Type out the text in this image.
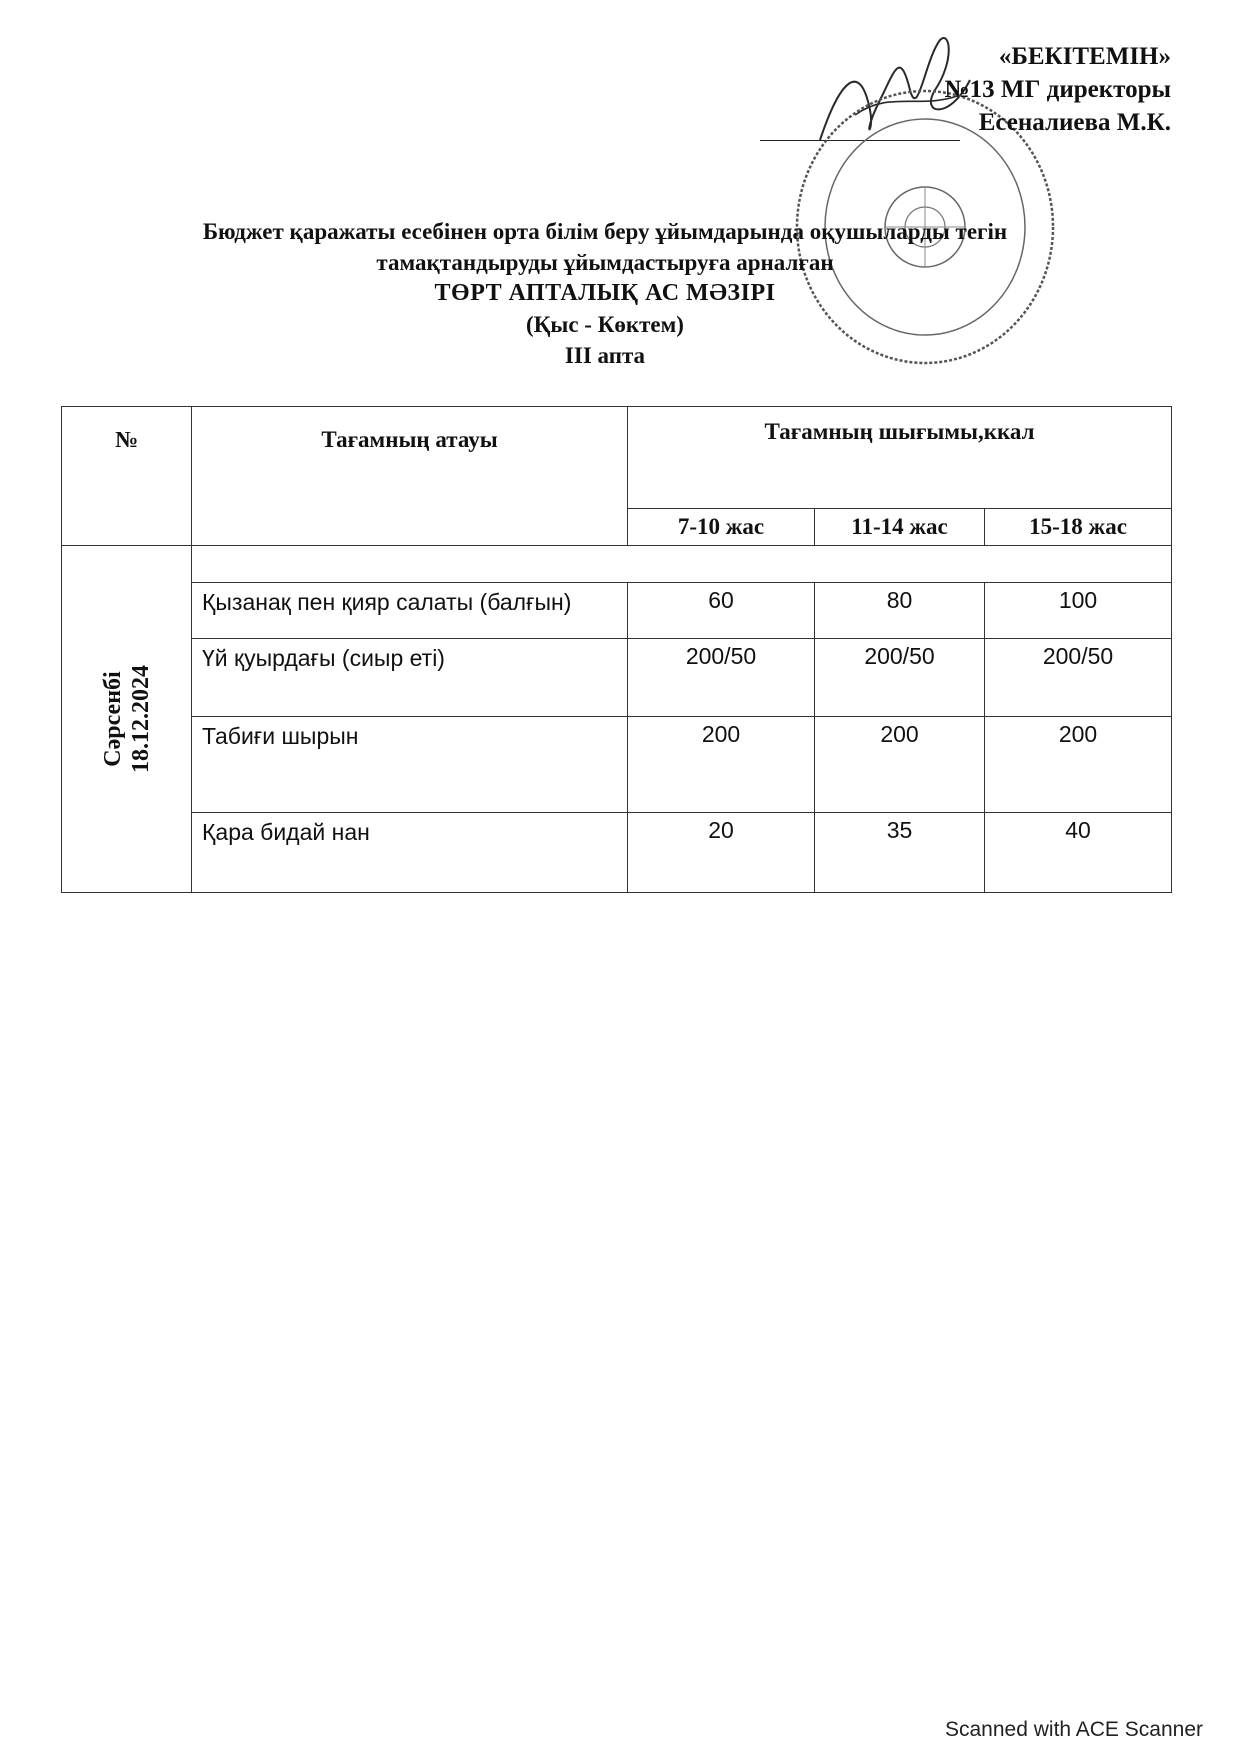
«БЕКІТЕМІН»
№13 МГ директоры
Есеналиева М.К.
Бюджет қаражаты есебінен орта білім беру ұйымдарында оқушыларды тегін
тамақтандыруды ұйымдастыруға арналған
ТӨРТ АПТАЛЫҚ АС МӘЗІРІ
(Қыс - Көктем)
III апта
№	Тағамның атауы	Тағамның шығымы,ккал		
		7-10 жас	11-14 жас	15-18 жас

Сәрсенбі 18.12.2024				

	Қызанақ пен қияр салаты (балғын)	60	80	100
	Үй қуырдағы (сиыр еті)	200/50	200/50	200/50
	Табиғи шырын	200	200	200
	Қара бидай нан	20	35	40
Scanned with ACE Scanner
